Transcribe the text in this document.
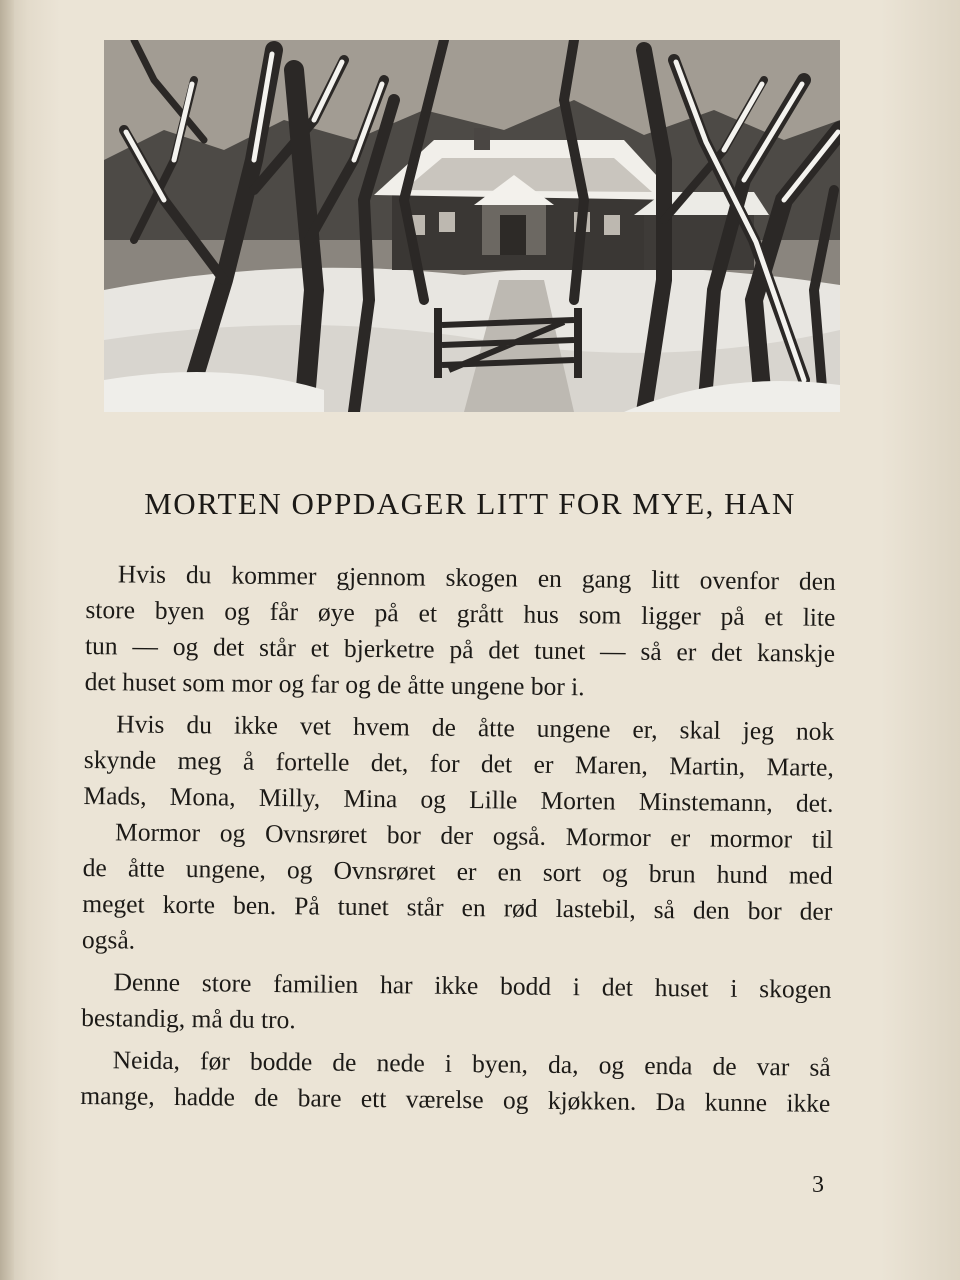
MORTEN OPPDAGER LITT FOR MYE, HAN
Hvis du kommer gjennom skogen en gang litt ovenfor den
store byen og får øye på et grått hus som ligger på et lite
tun — og det står et bjerketre på det tunet — så er det kanskje
det huset som mor og far og de åtte ungene bor i.
Hvis du ikke vet hvem de åtte ungene er, skal jeg nok
skynde meg å fortelle det, for det er Maren, Martin, Marte,
Mads, Mona, Milly, Mina og Lille Morten Minstemann, det.
Mormor og Ovnsrøret bor der også. Mormor er mormor til
de åtte ungene, og Ovnsrøret er en sort og brun hund med
meget korte ben. På tunet står en rød lastebil, så den bor der
også.
Denne store familien har ikke bodd i det huset i skogen
bestandig, må du tro.
Neida, før bodde de nede i byen, da, og enda de var så
mange, hadde de bare ett værelse og kjøkken. Da kunne ikke
3
